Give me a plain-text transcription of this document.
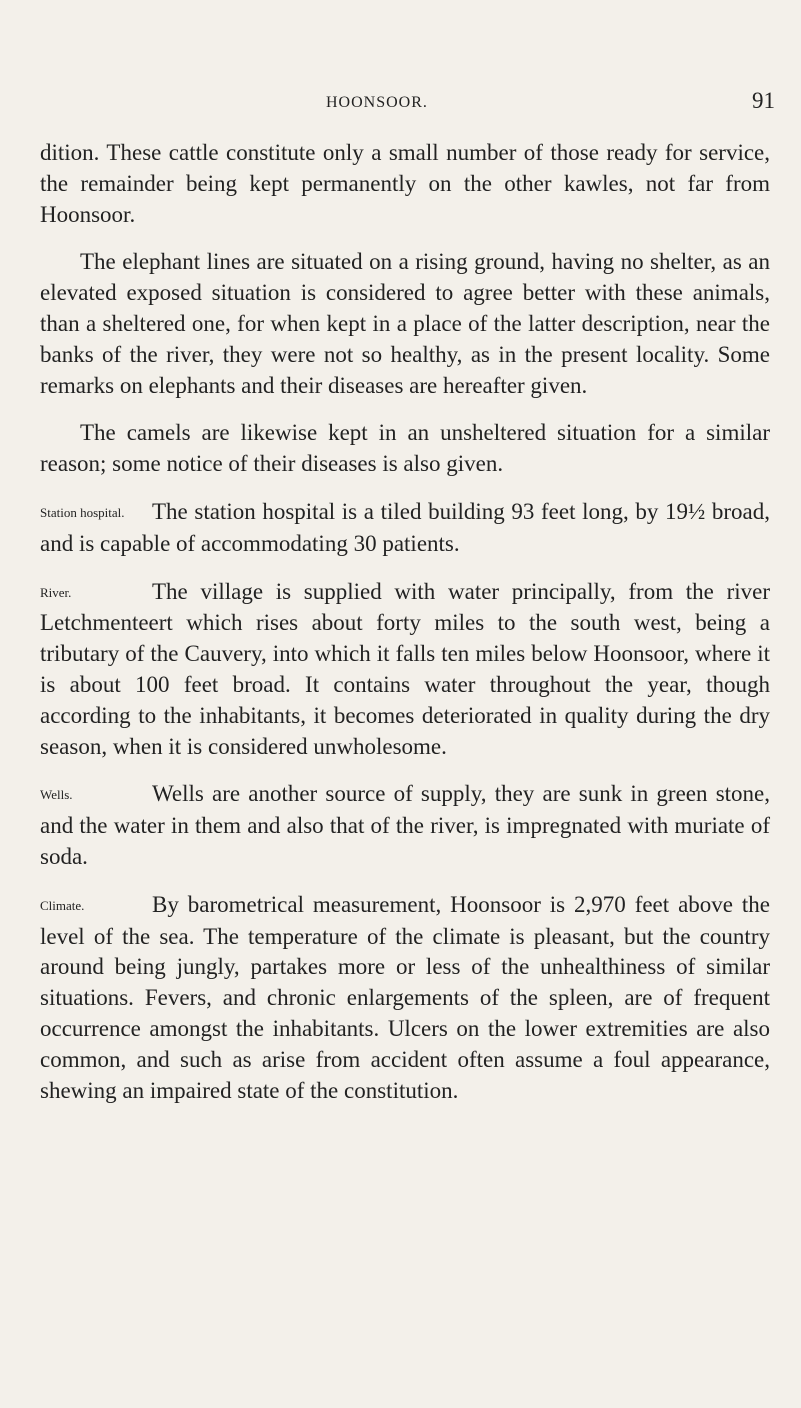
HOONSOOR.	91

dition. These cattle constitute only a small number of those ready for service, the remainder being kept permanently on the other kawles, not far from Hoonsoor.

The elephant lines are situated on a rising ground, having no shelter, as an elevated exposed situation is considered to agree better with these animals, than a sheltered one, for when kept in a place of the latter description, near the banks of the river, they were not so healthy, as in the present locality. Some remarks on elephants and their diseases are hereafter given.

The camels are likewise kept in an unsheltered situation for a similar reason; some notice of their diseases is also given.

Station hospital. The station hospital is a tiled building 93 feet long, by 19½ broad, and is capable of accommodating 30 patients.

River.	The village is supplied with water principally, from the river Letchmenteert which rises about forty miles to the south west, being a tributary of the Cauvery, into which it falls ten miles below Hoonsoor, where it is about 100 feet broad. It contains water throughout the year, though according to the inhabitants, it becomes deteriorated in quality during the dry season, when it is considered unwholesome.

Wells.	Wells are another source of supply, they are sunk in green stone, and the water in them and also that of the river, is impregnated with muriate of soda.

Climate.	By barometrical measurement, Hoonsoor is 2,970 feet above the level of the sea. The temperature of the climate is pleasant, but the country around being jungly, partakes more or less of the unhealthiness of similar situations. Fevers, and chronic enlargements of the spleen, are of frequent occurrence amongst the inhabitants. Ulcers on the lower extremities are also common, and such as arise from accident often assume a foul appearance, shewing an impaired state of the constitution.
